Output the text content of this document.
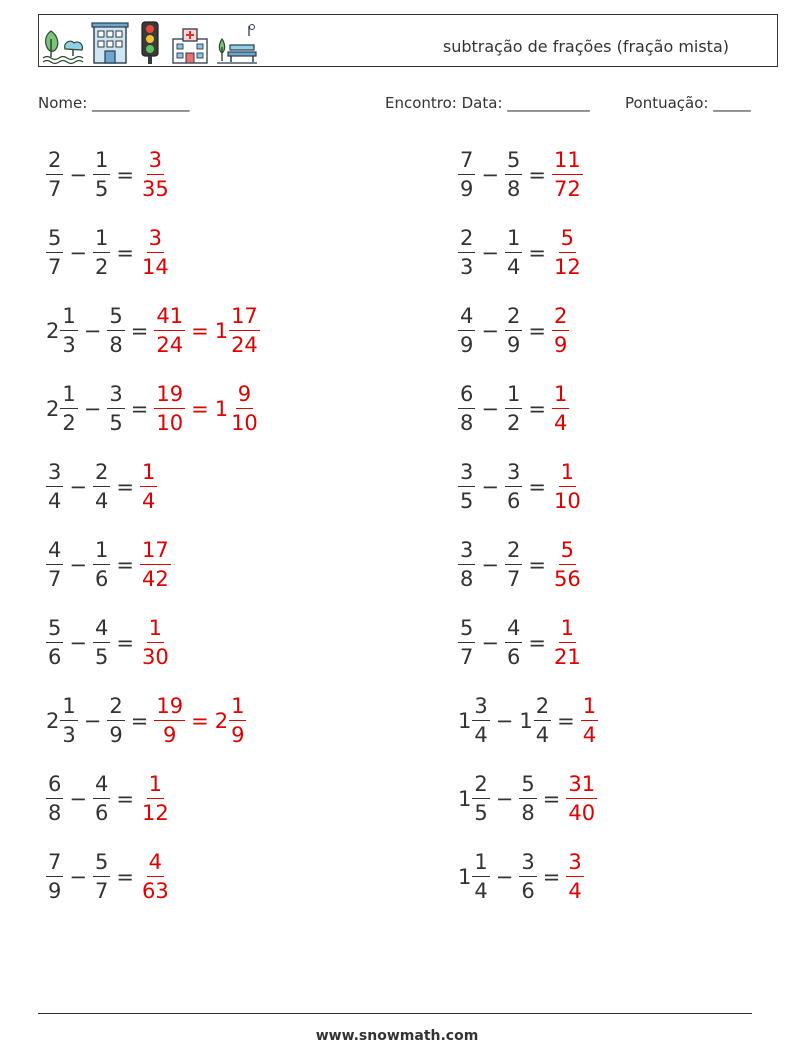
subtração de frações (fração mista)
Nome: _____________	Encontro: Data: ___________ Pontuação: _____
$\frac{2}{7} - \frac{1}{5} = \frac{3}{35}$	$\frac{7}{9} - \frac{5}{8} = \frac{11}{72}$
$\frac{5}{7} - \frac{1}{2} = \frac{3}{14}$	$\frac{2}{3} - \frac{1}{4} = \frac{5}{12}$
$2 \frac{1}{3} - \frac{5}{8} = \frac{41}{24} = 1 \frac{17}{24}$	$\frac{4}{9} - \frac{2}{9} = \frac{2}{9}$
$2 \frac{1}{2} - \frac{3}{5} = \frac{19}{10} = 1 \frac{9}{10}$	$\frac{6}{8} - \frac{1}{2} = \frac{1}{4}$
$\frac{3}{4} - \frac{2}{4} = \frac{1}{4}$	$\frac{3}{5} - \frac{3}{6} = \frac{1}{10}$
$\frac{4}{7} - \frac{1}{6} = \frac{17}{42}$	$\frac{3}{8} - \frac{2}{7} = \frac{5}{56}$
$\frac{5}{6} - \frac{4}{5} = \frac{1}{30}$	$\frac{5}{7} - \frac{4}{6} = \frac{1}{21}$
$2 \frac{1}{3} - \frac{2}{9} = \frac{19}{9} = 2 \frac{1}{9}$	$1 \frac{3}{4} - 1 \frac{2}{4} = \frac{1}{4}$
$\frac{6}{8} - \frac{4}{6} = \frac{1}{12}$	$1 \frac{2}{5} - \frac{5}{8} = \frac{31}{40}$
$\frac{7}{9} - \frac{5}{7} = \frac{4}{63}$	$1 \frac{1}{4} - \frac{3}{6} = \frac{3}{4}$
www.snowmath.com
